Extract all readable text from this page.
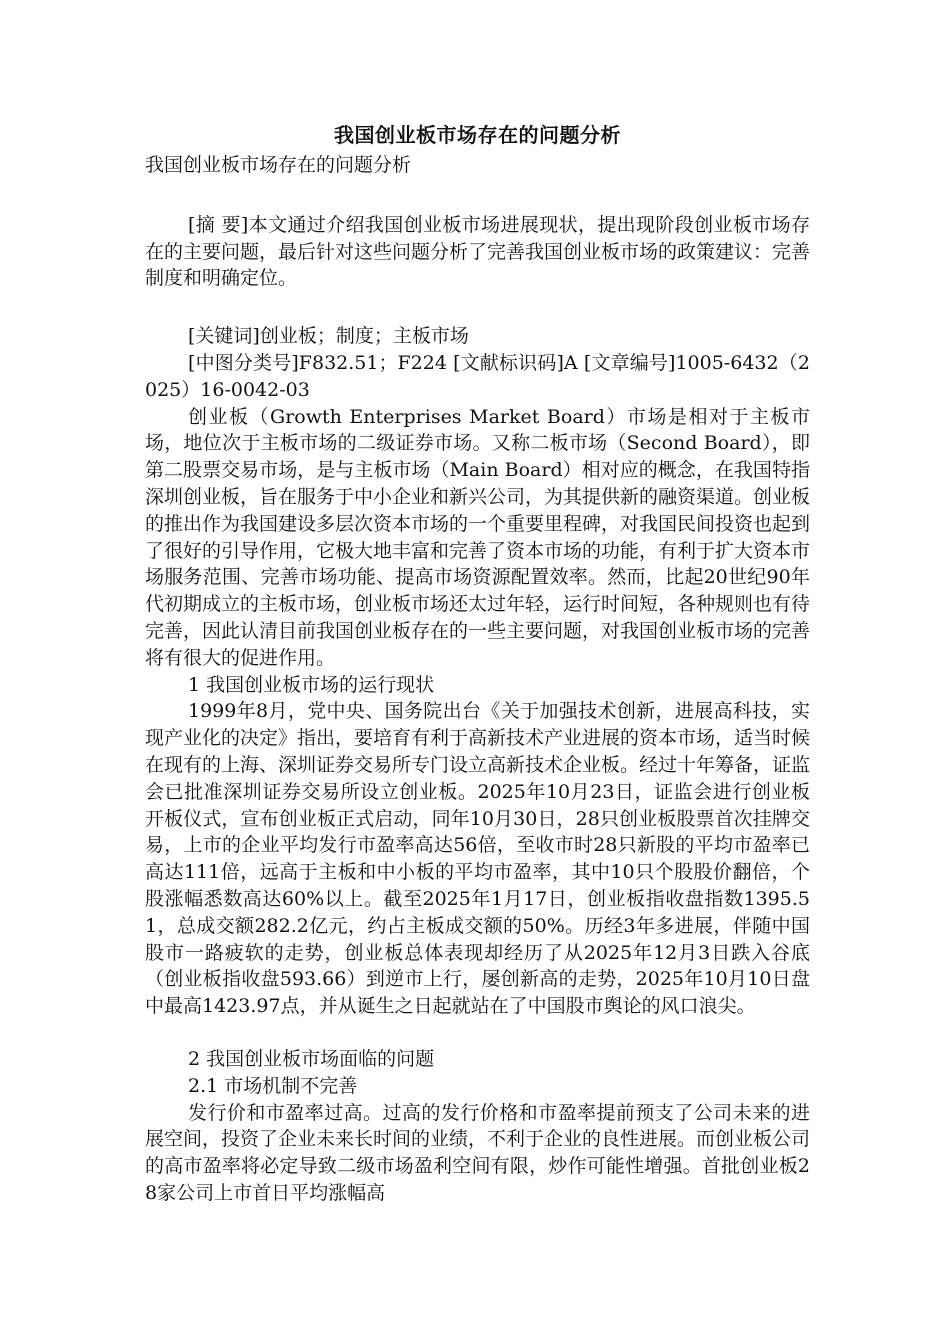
我国创业板市场存在的问题分析

我国创业板市场存在的问题分析

[摘 要]本文通过介绍我国创业板市场进展现状，提出现阶段创业板市场存在的主要问题，最后针对这些问题分析了完善我国创业板市场的政策建议：完善制度和明确定位。

[关键词]创业板；制度；主板市场

[中图分类号]F832.51；F224 [文献标识码]A [文章编号]1005-6432（2025）16-0042-03

创业板（Growth Enterprises Market Board）市场是相对于主板市场，地位次于主板市场的二级证券市场。又称二板市场（Second Board），即第二股票交易市场，是与主板市场（Main Board）相对应的概念，在我国特指深圳创业板，旨在服务于中小企业和新兴公司，为其提供新的融资渠道。创业板的推出作为我国建设多层次资本市场的一个重要里程碑，对我国民间投资也起到了很好的引导作用，它极大地丰富和完善了资本市场的功能，有利于扩大资本市场服务范围、完善市场功能、提高市场资源配置效率。然而，比起20世纪90年代初期成立的主板市场，创业板市场还太过年轻，运行时间短，各种规则也有待完善，因此认清目前我国创业板存在的一些主要问题，对我国创业板市场的完善将有很大的促进作用。

1 我国创业板市场的运行现状

1999年8月，党中央、国务院出台《关于加强技术创新，进展高科技，实现产业化的决定》指出，要培育有利于高新技术产业进展的资本市场，适当时候在现有的上海、深圳证券交易所专门设立高新技术企业板。经过十年筹备，证监会已批准深圳证券交易所设立创业板。2025年10月23日，证监会进行创业板开板仪式，宣布创业板正式启动，同年10月30日，28只创业板股票首次挂牌交易，上市的企业平均发行市盈率高达56倍，至收市时28只新股的平均市盈率已高达111倍，远高于主板和中小板的平均市盈率，其中10只个股股价翻倍，个股涨幅悉数高达60%以上。截至2025年1月17日，创业板指收盘指数1395.51，总成交额282.2亿元，约占主板成交额的50%。历经3年多进展，伴随中国股市一路疲软的走势，创业板总体表现却经历了从2025年12月3日跌入谷底（创业板指收盘593.66）到逆市上行，屡创新高的走势，2025年10月10日盘中最高1423.97点，并从诞生之日起就站在了中国股市舆论的风口浪尖。

2 我国创业板市场面临的问题

2.1 市场机制不完善

发行价和市盈率过高。过高的发行价格和市盈率提前预支了公司未来的进展空间，投资了企业未来长时间的业绩，不利于企业的良性进展。而创业板公司的高市盈率将必定导致二级市场盈利空间有限，炒作可能性增强。首批创业板28家公司上市首日平均涨幅高
